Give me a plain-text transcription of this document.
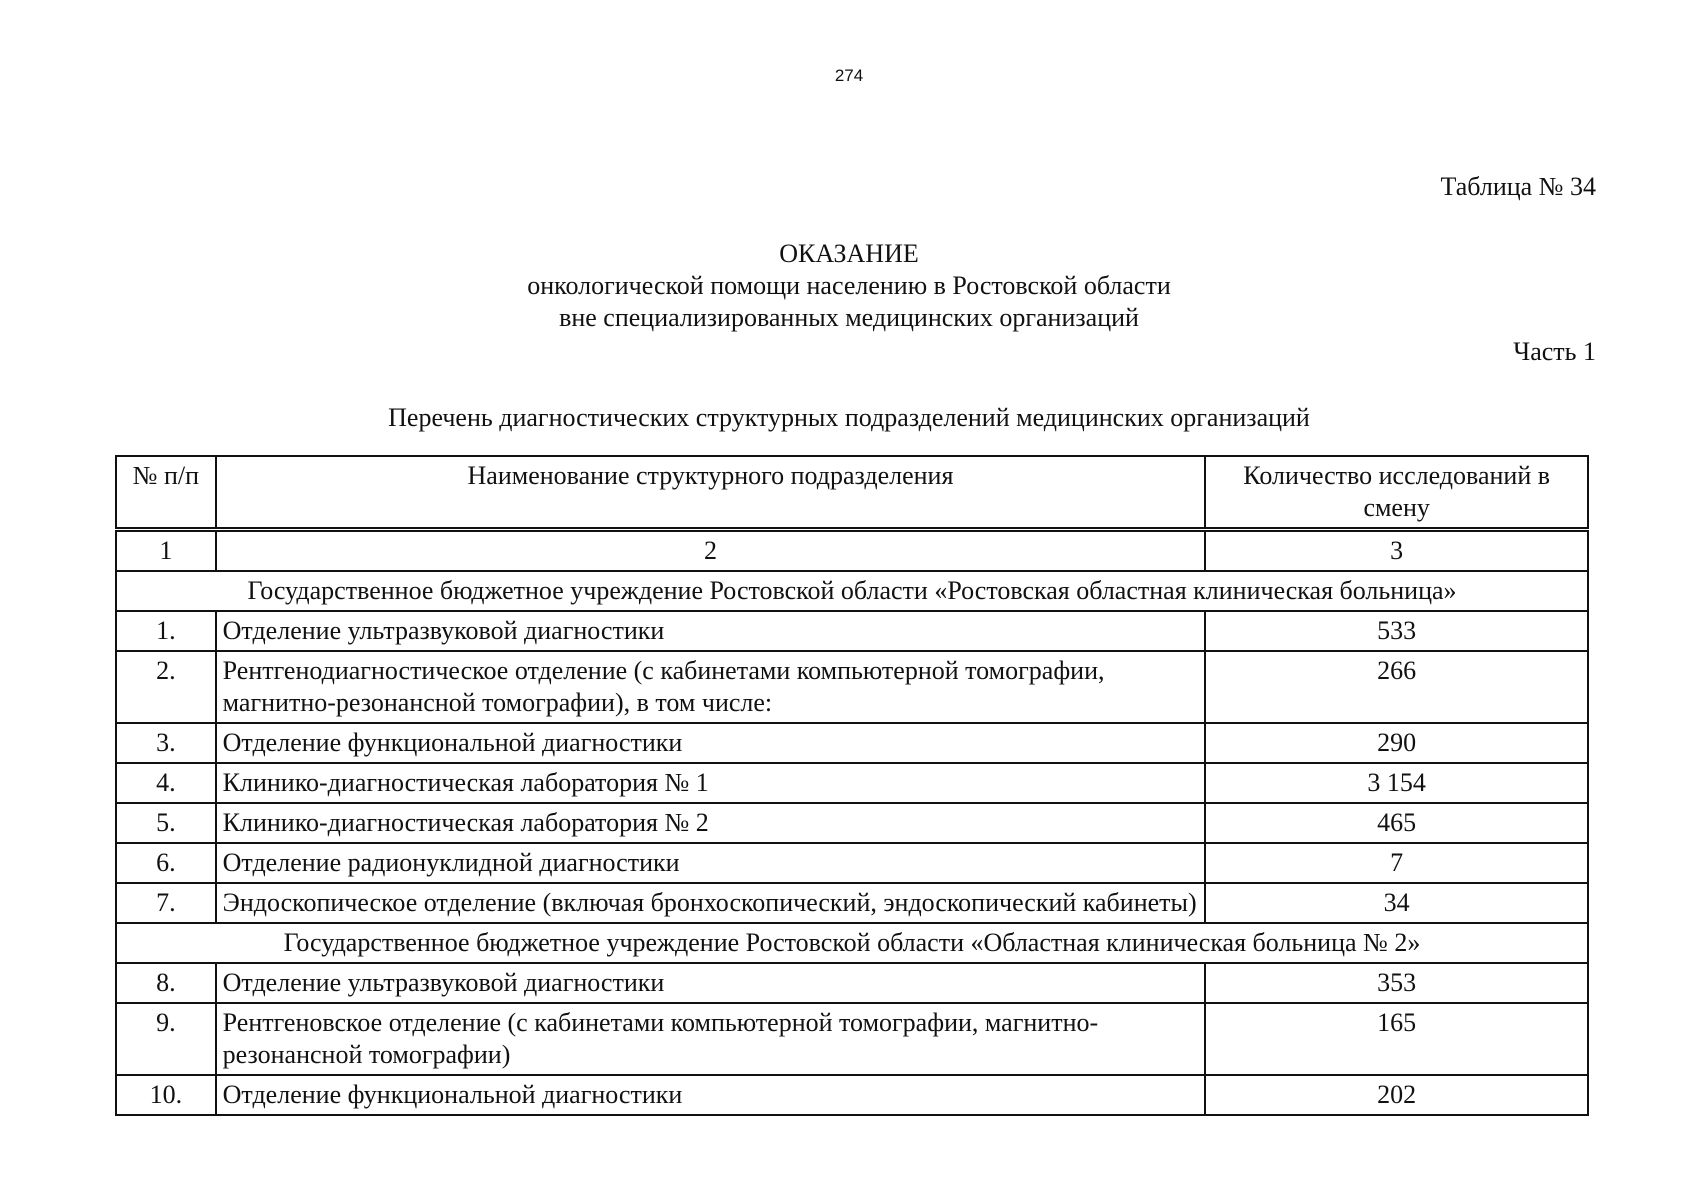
274
Таблица № 34
ОКАЗАНИЕ
онкологической помощи населению в Ростовской области
вне специализированных медицинских организаций
Часть 1
Перечень диагностических структурных подразделений медицинских организаций
№ п/п	Наименование структурного подразделения	Количество исследований в смену
1	2	3
Государственное бюджетное учреждение Ростовской области «Ростовская областная клиническая больница»		
1.	Отделение ультразвуковой диагностики	533
2.	Рентгенодиагностическое отделение (с кабинетами компьютерной томографии, магнитно-резонансной томографии), в том числе:	266
3.	Отделение функциональной диагностики	290
4.	Клинико-диагностическая лаборатория № 1	3 154
5.	Клинико-диагностическая лаборатория № 2	465
6.	Отделение радионуклидной диагностики	7
7.	Эндоскопическое отделение (включая бронхоскопический, эндоскопический кабинеты)	34
Государственное бюджетное учреждение Ростовской области «Областная клиническая больница № 2»		
8.	Отделение ультразвуковой диагностики	353
9.	Рентгеновское отделение (с кабинетами компьютерной томографии, магнитно-резонансной томографии)	165
10.	Отделение функциональной диагностики	202
